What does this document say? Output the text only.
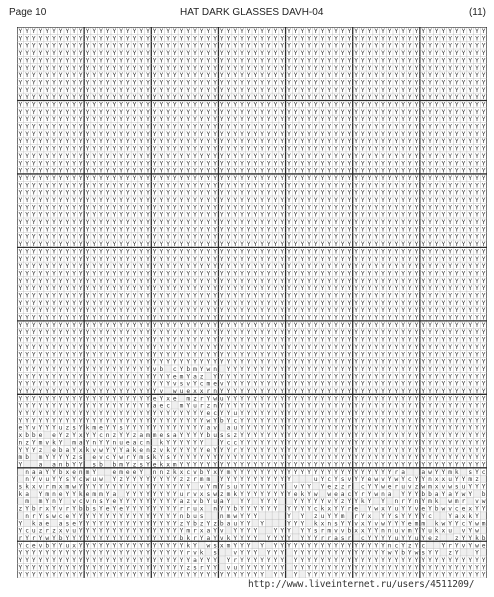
Page 10	HAT DARK GLASSES DAVH-04	(11)
Y Y Y Y Y Y Y Y Y Y Y Y Y Y Y Y Y Y Y Y Y Y Y Y Y Y Y Y Y Y Y Y Y Y Y Y Y Y Y Y Y Y Y Y Y Y Y Y Y Y Y Y Y Y Y Y Y Y Y Y Y Y Y Y Y Y Y Y Y Y
Y Y Y Y Y Y Y Y Y Y Y Y Y Y Y Y Y Y Y Y Y Y Y Y Y Y Y Y Y Y Y Y Y Y Y Y Y Y Y Y Y Y Y Y Y Y Y Y Y Y Y Y Y Y Y Y Y Y Y Y Y Y Y Y Y Y Y Y Y Y
Y Y Y Y Y Y Y Y Y Y Y Y Y Y Y Y Y Y Y Y Y Y Y Y Y Y Y Y Y Y Y Y Y Y Y Y Y Y Y Y Y Y Y Y Y Y Y Y Y Y Y Y Y Y Y Y Y Y Y Y Y Y Y Y Y Y Y Y Y Y
Y Y Y Y Y Y Y Y Y Y Y Y Y Y Y Y Y Y Y Y Y Y Y Y Y Y Y Y Y Y Y Y Y Y Y Y Y Y Y Y Y Y Y Y Y Y Y Y Y Y Y Y Y Y Y Y Y Y Y Y Y Y Y Y Y Y Y Y Y Y
Y Y Y Y Y Y Y Y Y Y Y Y Y Y Y Y Y Y Y Y Y Y Y Y Y Y Y Y Y Y Y Y Y Y Y Y Y Y Y Y Y Y Y Y Y Y Y Y Y Y Y Y Y Y Y Y Y Y Y Y Y Y Y Y Y Y Y Y Y Y
Y Y Y Y Y Y Y Y Y Y Y Y Y Y Y Y Y Y Y Y Y Y Y Y Y Y Y Y Y Y Y Y Y Y Y Y Y Y Y Y Y Y Y Y Y Y Y Y Y Y Y Y Y Y Y Y Y Y Y Y Y Y Y Y Y Y Y Y Y Y
Y Y Y Y Y Y Y Y Y Y Y Y Y Y Y Y Y Y Y Y Y Y Y Y Y Y Y Y Y Y Y Y Y Y Y Y Y Y Y Y Y Y Y Y Y Y Y Y Y Y Y Y Y Y Y Y Y Y Y Y Y Y Y Y Y Y Y Y Y Y
Y Y Y Y Y Y Y Y Y Y Y Y Y Y Y Y Y Y Y Y Y Y Y Y Y Y Y Y Y Y Y Y Y Y Y Y Y Y Y Y Y Y Y Y Y Y Y Y Y Y Y Y Y Y Y Y Y Y Y Y Y Y Y Y Y Y Y Y Y Y
Y Y Y Y Y Y Y Y Y Y Y Y Y Y Y Y Y Y Y Y Y Y Y Y Y Y Y Y Y Y Y Y Y Y Y Y Y Y Y Y Y Y Y Y Y Y Y Y Y Y Y Y Y Y Y Y Y Y Y Y Y Y Y Y Y Y Y Y Y Y
Y Y Y Y Y Y Y Y Y Y Y Y Y Y Y Y Y Y Y Y Y Y Y Y Y Y Y Y Y Y Y Y Y Y Y Y Y Y Y Y Y Y Y Y Y Y Y Y Y Y Y Y Y Y Y Y Y Y Y Y Y Y Y Y Y Y Y Y Y Y
Y Y Y Y Y Y Y Y Y Y Y Y Y Y Y Y Y Y Y Y Y Y Y Y Y Y Y Y Y Y Y Y Y Y Y Y Y Y Y Y Y Y Y Y Y Y Y Y Y Y Y Y Y Y Y Y Y Y Y Y Y Y Y Y Y Y Y Y Y Y
Y Y Y Y Y Y Y Y Y Y Y Y Y Y Y Y Y Y Y Y Y Y Y Y Y Y Y Y Y Y Y Y Y Y Y Y Y Y Y Y Y Y Y Y Y Y Y Y Y Y Y Y Y Y Y Y Y Y Y Y Y Y Y Y Y Y Y Y Y Y
Y Y Y Y Y Y Y Y Y Y Y Y Y Y Y Y Y Y Y Y Y Y Y Y Y Y Y Y Y Y Y Y Y Y Y Y Y Y Y Y Y Y Y Y Y Y Y Y Y Y Y Y Y Y Y Y Y Y Y Y Y Y Y Y Y Y Y Y Y Y
Y Y Y Y Y Y Y Y Y Y Y Y Y Y Y Y Y Y Y Y Y Y Y Y Y Y Y Y Y Y Y Y Y Y Y Y Y Y Y Y Y Y Y Y Y Y Y Y Y Y Y Y Y Y Y Y Y Y Y Y Y Y Y Y Y Y Y Y Y Y
Y Y Y Y Y Y Y Y Y Y Y Y Y Y Y Y Y Y Y Y Y Y Y Y Y Y Y Y Y Y Y Y Y Y Y Y Y Y Y Y Y Y Y Y Y Y Y Y Y Y Y Y Y Y Y Y Y Y Y Y Y Y Y Y Y Y Y Y Y Y
Y Y Y Y Y Y Y Y Y Y Y Y Y Y Y Y Y Y Y Y Y Y Y Y Y Y Y Y Y Y Y Y Y Y Y Y Y Y Y Y Y Y Y Y Y Y Y Y Y Y Y Y Y Y Y Y Y Y Y Y Y Y Y Y Y Y Y Y Y Y
Y Y Y Y Y Y Y Y Y Y Y Y Y Y Y Y Y Y Y Y Y Y Y Y Y Y Y Y Y Y Y Y Y Y Y Y Y Y Y Y Y Y Y Y Y Y Y Y Y Y Y Y Y Y Y Y Y Y Y Y Y Y Y Y Y Y Y Y Y Y
Y Y Y Y Y Y Y Y Y Y Y Y Y Y Y Y Y Y Y Y Y Y Y Y Y Y Y Y Y Y Y Y Y Y Y Y Y Y Y Y Y Y Y Y Y Y Y Y Y Y Y Y Y Y Y Y Y Y Y Y Y Y Y Y Y Y Y Y Y Y
Y Y Y Y Y Y Y Y Y Y Y Y Y Y Y Y Y Y Y Y Y Y Y Y Y Y Y Y Y Y Y Y Y Y Y Y Y Y Y Y Y Y Y Y Y Y Y Y Y Y Y Y Y Y Y Y Y Y Y Y Y Y Y Y Y Y Y Y Y Y
Y Y Y Y Y Y Y Y Y Y Y Y Y Y Y Y Y Y Y Y Y Y Y Y Y Y Y Y Y Y Y Y Y Y Y Y Y Y Y Y Y Y Y Y Y Y Y Y Y Y Y Y Y Y Y Y Y Y Y Y Y Y Y Y Y Y Y Y Y Y
Y Y Y Y Y Y Y Y Y Y Y Y Y Y Y Y Y Y Y Y Y Y Y Y Y Y Y Y Y Y Y Y Y Y Y Y Y Y Y Y Y Y Y Y Y Y Y Y Y Y Y Y Y Y Y Y Y Y Y Y Y Y Y Y Y Y Y Y Y Y
Y Y Y Y Y Y Y Y Y Y Y Y Y Y Y Y Y Y Y Y Y Y Y Y Y Y Y Y Y Y Y Y Y Y Y Y Y Y Y Y Y Y Y Y Y Y Y Y Y Y Y Y Y Y Y Y Y Y Y Y Y Y Y Y Y Y Y Y Y Y
Y Y Y Y Y Y Y Y Y Y Y Y Y Y Y Y Y Y Y Y Y Y Y Y Y Y Y Y Y Y Y Y Y Y Y Y Y Y Y Y Y Y Y Y Y Y Y Y Y Y Y Y Y Y Y Y Y Y Y Y Y Y Y Y Y Y Y Y Y Y
Y Y Y Y Y Y Y Y Y Y Y Y Y Y Y Y Y Y Y Y Y Y Y Y Y Y Y Y Y Y Y Y Y Y Y Y Y Y Y Y Y Y Y Y Y Y Y Y Y Y Y Y Y Y Y Y Y Y Y Y Y Y Y Y Y Y Y Y Y Y
Y Y Y Y Y Y Y Y Y Y Y Y Y Y Y Y Y Y Y Y Y Y Y Y Y Y Y Y Y Y Y Y Y Y Y Y Y Y Y Y Y Y Y Y Y Y Y Y Y Y Y Y Y Y Y Y Y Y Y Y Y Y Y Y Y Y Y Y Y Y
Y Y Y Y Y Y Y Y Y Y Y Y Y Y Y Y Y Y Y Y Y Y Y Y Y Y Y Y Y Y Y Y Y Y Y Y Y Y Y Y Y Y Y Y Y Y Y Y Y Y Y Y Y Y Y Y Y Y Y Y Y Y Y Y Y Y Y Y Y Y
Y Y Y Y Y Y Y Y Y Y Y Y Y Y Y Y Y Y Y Y Y Y Y Y Y Y Y Y Y Y Y Y Y Y Y Y Y Y Y Y Y Y Y Y Y Y Y Y Y Y Y Y Y Y Y Y Y Y Y Y Y Y Y Y Y Y Y Y Y Y
Y Y Y Y Y Y Y Y Y Y Y Y Y Y Y Y Y Y Y Y Y Y Y Y Y Y Y Y Y Y Y Y Y Y Y Y Y Y Y Y Y Y Y Y Y Y Y Y Y Y Y Y Y Y Y Y Y Y Y Y Y Y Y Y Y Y Y Y Y Y
Y Y Y Y Y Y Y Y Y Y Y Y Y Y Y Y Y Y Y Y Y Y Y Y Y Y Y Y Y Y Y Y Y Y Y Y Y Y Y Y Y Y Y Y Y Y Y Y Y Y Y Y Y Y Y Y Y Y Y Y Y Y Y Y Y Y Y Y Y Y
Y Y Y Y Y Y Y Y Y Y Y Y Y Y Y Y Y Y Y Y Y Y Y Y Y Y Y Y Y Y Y Y Y Y Y Y Y Y Y Y Y Y Y Y Y Y Y Y Y Y Y Y Y Y Y Y Y Y Y Y Y Y Y Y Y Y Y Y Y Y
Y Y Y Y Y Y Y Y Y Y Y Y Y Y Y Y Y Y Y Y Y Y Y Y Y Y Y Y Y Y Y Y Y Y Y Y Y Y Y Y Y Y Y Y Y Y Y Y Y Y Y Y Y Y Y Y Y Y Y Y Y Y Y Y Y Y Y Y Y Y
Y Y Y Y Y Y Y Y Y Y Y Y Y Y Y Y Y Y Y Y Y Y Y Y Y Y Y Y Y Y Y Y Y Y Y Y Y Y Y Y Y Y Y Y Y Y Y Y Y Y Y Y Y Y Y Y Y Y Y Y Y Y Y Y Y Y Y Y Y Y
Y Y Y Y Y Y Y Y Y Y Y Y Y Y Y Y Y Y Y Y Y Y Y Y Y Y Y Y Y Y Y Y Y Y Y Y Y Y Y Y Y Y Y Y Y Y Y Y Y Y Y Y Y Y Y Y Y Y Y Y Y Y Y Y Y Y Y Y Y Y
Y Y Y Y Y Y Y Y Y Y Y Y Y Y Y Y Y Y Y Y Y Y Y Y Y Y Y Y Y Y Y Y Y Y Y Y Y Y Y Y Y Y Y Y Y Y Y Y Y Y Y Y Y Y Y Y Y Y Y Y Y Y Y Y Y Y Y Y Y Y
Y Y Y Y Y Y Y Y Y Y Y Y Y Y Y Y Y Y Y Y Y Y Y Y Y Y Y Y Y Y Y Y Y Y Y Y Y Y Y Y Y Y Y Y Y Y Y Y Y Y Y Y Y Y Y Y Y Y Y Y Y Y Y Y Y Y Y Y Y Y
Y Y Y Y Y Y Y Y Y Y Y Y Y Y Y Y Y Y Y Y Y Y Y Y Y Y Y Y Y Y Y Y Y Y Y Y Y Y Y Y Y Y Y Y Y Y Y Y Y Y Y Y Y Y Y Y Y Y Y Y Y Y Y Y Y Y Y Y Y Y
Y Y Y Y Y Y Y Y Y Y Y Y Y Y Y Y Y Y Y Y Y Y Y Y Y Y Y Y Y Y Y Y Y Y Y Y Y Y Y Y Y Y Y Y Y Y Y Y Y Y Y Y Y Y Y Y Y Y Y Y Y Y Y Y Y Y Y Y Y Y
Y Y Y Y Y Y Y Y Y Y Y Y Y Y Y Y Y Y Y Y Y Y Y Y Y Y Y Y Y Y Y Y Y Y Y Y Y Y Y Y Y Y Y Y Y Y Y Y Y Y Y Y Y Y Y Y Y Y Y Y Y Y Y Y Y Y Y Y Y Y
Y Y Y Y Y Y Y Y Y Y Y Y Y Y Y Y Y Y Y Y Y Y Y Y Y Y Y Y Y Y Y Y Y Y Y Y Y Y Y Y Y Y Y Y Y Y Y Y Y Y Y Y Y Y Y Y Y Y Y Y Y Y Y Y Y Y Y Y Y Y
Y Y Y Y Y Y Y Y Y Y Y Y Y Y Y Y Y Y Y Y Y Y Y Y Y Y Y Y Y Y Y Y Y Y Y Y Y Y Y Y Y Y Y Y Y Y Y Y Y Y Y Y Y Y Y Y Y Y Y Y Y Y Y Y Y Y Y Y Y Y
Y Y Y Y Y Y Y Y Y Y Y Y Y Y Y Y Y Y Y Y Y Y Y Y Y Y Y Y Y Y Y Y Y Y Y Y Y Y Y Y Y Y Y Y Y Y Y Y Y Y Y Y Y Y Y Y Y Y Y Y Y Y Y Y Y Y Y Y Y Y
Y Y Y Y Y Y Y Y Y Y Y Y Y Y Y Y Y Y Y Y Y Y Y Y Y Y Y Y Y Y Y Y Y Y Y Y Y Y Y Y Y Y Y Y Y Y Y Y Y Y Y Y Y Y Y Y Y Y Y Y Y Y Y Y Y Y Y Y Y Y
Y Y Y Y Y Y Y Y Y Y Y Y Y Y Y Y Y Y Y Y Y Y Y Y Y Y Y Y Y Y Y Y Y Y Y Y Y Y Y Y Y Y Y Y Y Y Y Y Y Y Y Y Y Y Y Y Y Y Y Y Y Y Y Y Y Y Y Y Y Y
Y Y Y Y Y Y Y Y Y Y Y Y Y Y Y Y Y Y Y Y Y Y Y Y Y Y Y Y Y Y Y Y Y Y Y Y Y Y Y Y Y Y Y Y Y Y Y Y Y Y Y Y Y Y Y Y Y Y Y Y Y Y Y Y Y Y Y Y Y Y
Y Y Y Y Y Y Y Y Y Y Y Y Y Y Y Y Y Y Y Y Y Y Y Y Y Y Y Y Y Y Y Y Y Y Y Y Y Y Y Y Y Y Y Y Y Y Y Y Y Y Y Y Y Y Y Y Y Y Y Y Y Y Y Y Y Y Y Y Y Y
Y Y Y Y Y Y Y Y Y Y Y Y Y Y Y Y Y Y Y Y Y Y Y Y Y Y Y Y Y Y Y Y Y Y Y Y Y Y Y Y Y Y Y Y Y Y Y Y Y Y Y Y Y Y Y Y Y Y Y Y Y Y Y Y Y Y Y Y Y Y
Y Y Y Y Y Y Y Y Y Y Y Y Y Y Y Y Y Y Y Y v b c Y b m Y w n Y Y Y Y Y Y Y Y Y Y Y Y Y Y Y Y Y Y Y Y Y Y Y Y Y Y Y Y Y Y Y Y Y Y Y Y Y Y Y
Y Y Y Y Y Y Y Y Y Y Y Y Y Y Y Y Y Y Y Y Y Y Y e m Y a z Y Y Y Y Y Y Y Y Y Y Y Y Y Y Y Y Y Y Y Y Y Y Y Y Y Y Y Y Y Y Y Y Y Y Y Y Y Y Y Y Y
Y Y Y Y Y Y Y Y Y Y Y Y Y Y Y Y Y Y Y Y Y Y Y v s v Y c m e v Y Y Y Y Y Y Y Y Y Y Y Y Y Y Y Y Y Y Y Y Y Y Y Y Y Y Y Y Y Y Y Y Y Y Y Y Y Y Y
Y Y Y Y Y Y Y Y Y Y Y Y Y Y Y Y Y Y Y Y Y v w u e x x r n Y Y Y Y Y Y Y Y Y Y Y Y Y Y Y Y Y Y Y Y Y Y Y Y Y Y Y Y Y Y Y Y Y Y Y Y Y Y Y Y
Y Y Y Y Y Y Y Y Y Y Y Y Y Y Y Y Y Y Y Y e Y x e m z r Y w u Y Y Y Y Y Y Y Y Y Y Y Y Y Y Y Y Y Y Y Y Y Y Y Y Y Y Y Y Y Y Y Y Y Y Y Y Y Y Y
Y Y Y Y Y Y Y Y Y Y Y Y Y Y Y Y Y Y Y Y a e c m Y u r z n Y Y Y Y Y Y Y Y Y Y Y Y Y Y Y Y Y Y Y Y Y Y Y Y Y Y Y Y Y Y Y Y Y Y Y Y Y Y Y Y
Y Y Y Y Y Y Y Y Y Y Y Y Y Y Y Y Y Y Y Y Y Y Y Y Y Y Y Y e c Y Y u Y Y Y Y Y Y Y Y Y Y Y Y Y Y Y Y Y Y Y Y Y Y Y Y Y Y Y Y Y Y Y Y Y Y Y Y Y
Y Y Y Y Y Y Y Y Y Y Y Y Y Y Y Y Y Y Y Y Y Y Y Y Y Y Y Y w Y b Y c Y Y Y Y Y Y Y Y Y Y Y Y Y Y Y Y Y Y Y Y Y Y Y Y Y Y Y Y Y Y Y Y Y Y Y Y Y
e Y v Y Y Y u z s Y k m e Y Y s Y Y Y Y Y Y Y Y Y Y Y Y a v a u Y Y Y Y Y Y Y Y Y Y Y Y Y Y Y Y Y Y Y Y Y Y Y Y Y Y Y Y Y Y Y Y Y Y Y Y Y
x b b e e Y z Y x Y Y c n z Y Y z a m m e s a Y Y Y Y b u s s z Y Y Y Y Y Y Y Y Y Y Y Y Y Y Y Y Y Y Y Y Y Y Y Y Y Y Y Y Y Y Y Y Y Y Y Y Y
n z Y m v k Y m a Y n Y Y n u e a c n k Y Y Y Y Y Y	Y c c Y Y Y Y Y Y Y Y Y Y Y Y Y Y Y Y Y Y Y Y Y Y Y Y Y Y Y Y Y Y Y Y Y Y Y Y Y
Y Y Y z e b a Y x k v w Y Y Y a k e n z v k Y Y Y Y Y e Y Y Y r Y Y Y Y Y Y Y Y Y Y Y Y Y Y Y Y Y Y Y Y Y Y Y Y Y Y Y Y Y Y Y Y Y Y Y Y Y
m b m Y Y Y Y z s e v c Y w r Y m s k Y s Y Y Y Y Y Y Y Y Y Y Y Y Y Y Y Y Y Y Y Y Y Y Y Y Y Y Y Y Y Y Y Y Y Y Y Y Y Y Y Y Y Y Y Y Y Y Y
Y	a a n b Y Y s b b m Y z s Y e k x m Y Y Y Y Y Y Y Y Y Y Y Y Y Y Y Y Y Y Y Y Y Y Y Y Y Y Y Y Y Y Y Y Y Y Y Y Y Y Y Y Y Y Y Y Y Y
n a a Y Y b x e n m Y	e m e e Y n n z k x c v b Y x Y m Y Y Y Y Y Y Y Y Y Y Y Y Y Y Y Y Y Y Y Y Y Y Y Y r a	a w Y Y m k s Y c
n Y v u Y Y s Y c w u w Y z Y Y Y Y Y Y Y Y z z r m m Y Y Y Y Y Y Y Y Y Y Y	u Y c Y s v Y Y e w v Y w Y c Y Y n x x u Y Y m z
s k x v r m x m w Y Y Y Y Y Y Y Y Y Y Y Y Y Y Y Y Y v Y m Y s u Y Y Y Y Y Y Y v Y Y Y e z z r c Y Y w e r u v z w m x v w s u Y Y Y
k a Y m n e Y Y k e m m Y a Y Y Y Y Y Y Y Y u r v x s w z m k Y Y Y Y Y Y Y Y e k Y w w e a c Y r Y w n a Y Y Y b b a Y a Y w Y b
m m Y n Y v c v n s Y e Y Y Y Y Y Y Y Y Y a z v b Y u a Y Y Y Y Y Y	Y Y Y Y Y v Y z Y Y k Y Y n r Y n Y m k w m r v w
z Y b r x Y v r Y b b s Y e Y e Y Y Y Y Y Y Y Y r r u x n Y Y b Y Y Y Y Y Y Y Y Y Y c k x Y Y r e Y w x Y u Y Y v e Y b w v c e x Y Y
n r Y s w c e Y Y Y Y Y Y Y Y Y Y Y Y Y Y Y Y n b u s	n m w Y Y Y	Y Y z u Y Y m r Y x Y Y s Y Y Y Y c	Y a x k Y
Y k a e a s e Y Y Y Y Y Y Y Y Y Y Y Y Y Y Y z Y b z Y z b a u Y Y Y	Y Y Y k x n s Y Y v x Y v w Y Y Y e m m k w Y Y c Y w m
Y c u z r z x v u Y Y Y Y Y Y Y Y Y Y Y Y Y Y Y Y m r x a Y v Y Y Y Y	Y Y Y Y Y s r m v v b x x Y Y n n u v m Y Y u k x u v Y w
r Y r Y w Y b Y Y Y Y Y Y Y Y Y Y Y Y Y Y Y Y Y b k r Y a Y v k Y Y Y Y Y Y Y Y Y Y Y r r a s r c Y Y Y Y u Y Y u Y e z	z Y Y k b
Y c e v b Y Y u x Y Y Y Y Y Y Y Y Y Y Y Y Y Y Y Y k Y w s x m Y Y Y Y Y Y Y Y Y Y Y Y Y Y Y Y Y Y Y Y Y n c Y z Y c	Y r Y v Y w e
Y Y Y Y Y Y Y Y Y Y Y Y Y Y Y Y Y Y Y Y Y Y Y Y Y r v k s	v Y Y Y Y Y Y Y Y Y Y Y Y Y Y Y Y Y Y Y Y w Y b Y w s Y Y z Y	Y
Y Y Y Y Y Y Y Y Y Y Y Y Y Y Y Y Y Y Y Y Y Y Y Y Y Y a Y Y Y Y r Y Y Y Y Y Y Y Y Y Y Y Y Y Y Y Y Y Y Y Y Y Y Y Y Y Y Y Y Y Y Y Y Y Y Y Y
Y Y Y Y Y Y Y Y Y Y Y Y Y Y Y Y Y Y Y Y Y Y Y Y Y z s r Y Y v u Y Y Y Y Y Y Y Y Y Y Y Y Y Y Y Y Y Y Y Y Y Y Y Y Y Y Y Y Y Y Y Y Y Y Y Y
Y Y Y Y Y Y Y Y Y Y Y Y Y Y Y Y Y Y Y Y Y Y Y Y Y Y Y Y Y Y Y Y Y Y Y Y Y Y Y Y Y Y Y Y Y Y Y Y Y Y Y Y Y Y Y Y Y Y Y Y Y Y Y Y Y Y Y
http://www.liveinternet.ru/users/4511209/
